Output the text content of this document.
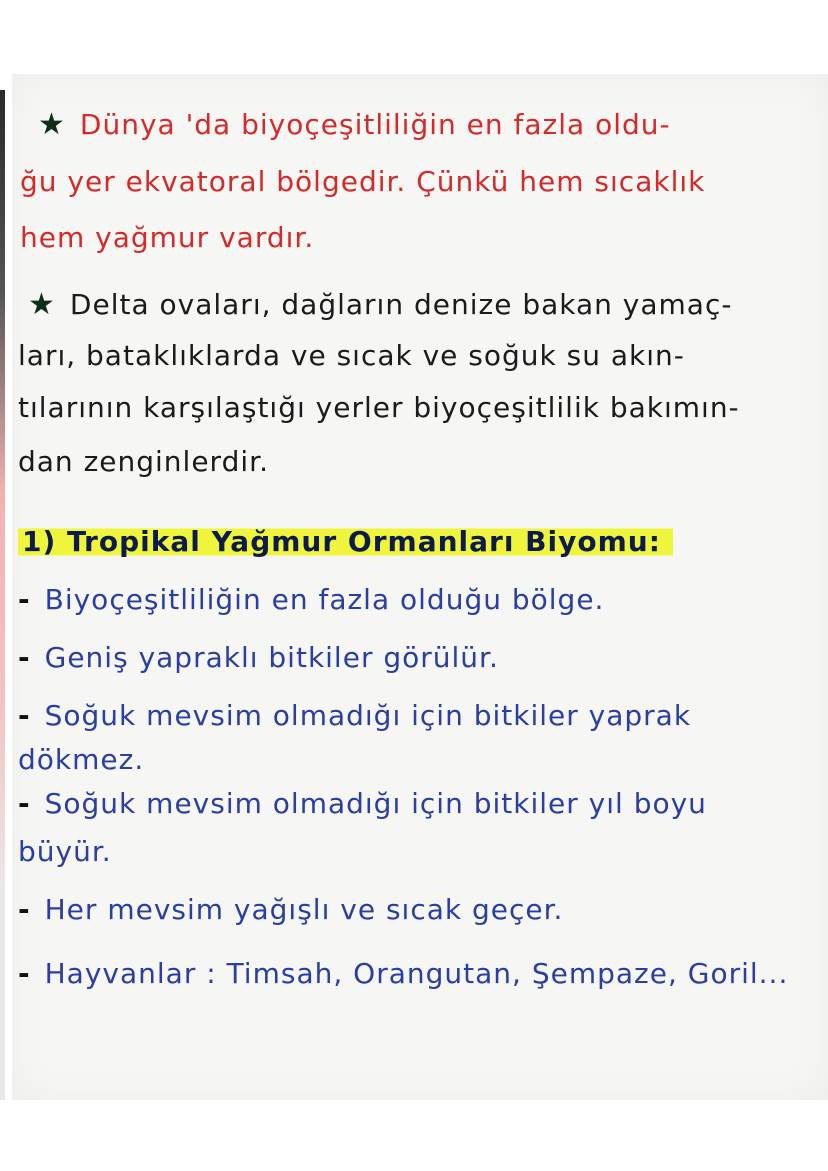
★ Dünya 'da biyoçeşitliliğin en fazla oldu-
ğu yer ekvatoral bölgedir. Çünkü hem sıcaklık
hem yağmur vardır.
★ Delta ovaları, dağların denize bakan yamaç-
ları, bataklıklarda ve sıcak ve soğuk su akın-
tılarının karşılaştığı yerler biyoçeşitlilik bakımın-
dan zenginlerdir.
1) Tropikal Yağmur Ormanları Biyomu:
- Biyoçeşitliliğin en fazla olduğu bölge.
- Geniş yapraklı bitkiler görülür.
- Soğuk mevsim olmadığı için bitkiler yaprak
dökmez.
- Soğuk mevsim olmadığı için bitkiler yıl boyu
büyür.
- Her mevsim yağışlı ve sıcak geçer.
- Hayvanlar : Timsah, Orangutan, Şempaze, Goril...
